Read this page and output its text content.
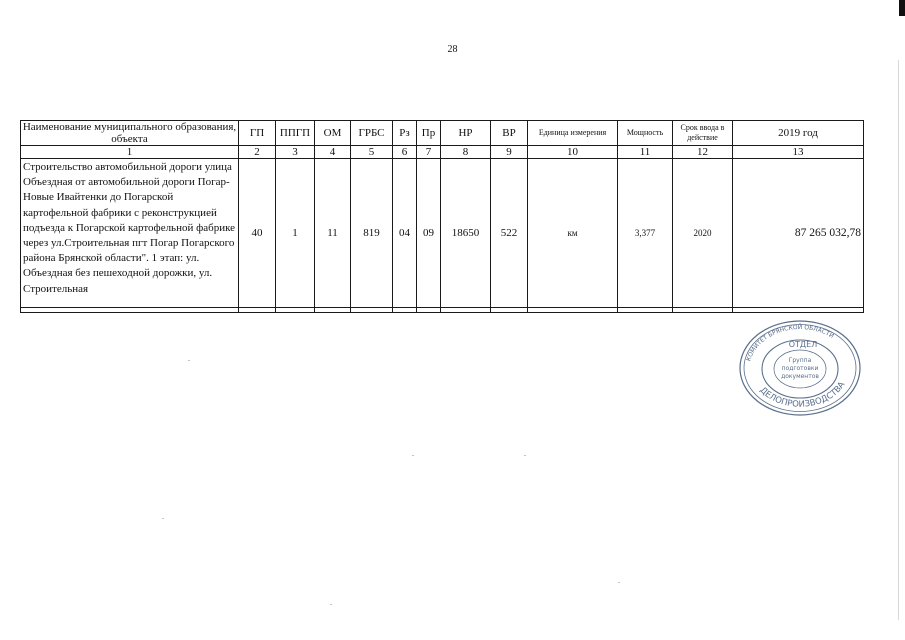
28
Наименование муниципального образования, объекта	ГП	ППГП	ОМ	ГРБС	Рз	Пр	НР	ВР	Единица измерения	Мощность	Срок ввода в действие	2019 год
1	2	3	4	5	6	7	8	9	10	11	12	13
Строительство автомобильной дороги улица Объездная от автомобильной дороги Погар-Новые Ивайтенки до Погарской картофельной фабрики с реконструкцией подъезда к Погарской картофельной фабрике через ул.Строительная пгт Погар Погарского района Брянской области". 1 этап: ул. Объездная без пешеходной дорожки, ул. Строительная	40	1	11	819	04	09	18650	522	км	3,377	2020	87 265 032,78

КОМИТЕТ БРЯНСКОЙ ОБЛАСТИ
ДЕЛОПРОИЗВОДСТВА
ОТДЕЛ
Группа
подготовки
документов
